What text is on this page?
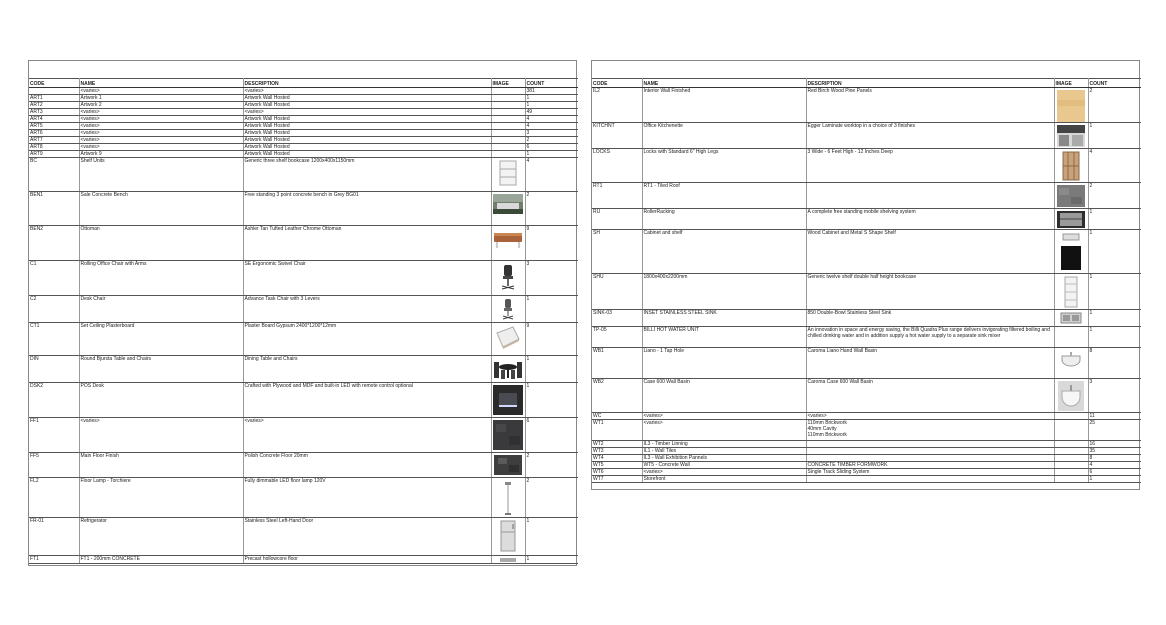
CODE	NAME	DESCRIPTION	IMAGE	COUNT
	<varies>	<varies>		381
ART1	Artwork 1	Artwork Wall Hosted		1
ART2	Artwork 2	Artwork Wall Hosted		1
ART3	<varies>	<varies>		49
ART4	<varies>	Artwork Wall Hosted		4
ART5	<varies>	Artwork Wall Hosted		4
ART6	<varies>	Artwork Wall Hosted		3
ART7	<varies>	Artwork Wall Hosted		2
ART8	<varies>	Artwork Wall Hosted		6
ART9	Artwork 9	Artwork Wall Hosted		1
BC	Shelf Units	Generic three shelf bookcase 1200x400x1150mm		4
BEN1	Sale Concrete Bench	Free standing 3 point concrete bench in Grey BG01		2
BEN2	Ottoman	Ashler Tan Tufted Leather Chrome Ottoman		9
C1	Rolling Office Chair with Arms	SE Ergonomic Swivel Chair		3
C2	Desk Chair	Advance Task Chair with 3 Levers		1
CT1	Set Ceiling Plasterboard	Plaster Board Gypsum 2400*1200*12mm		9
DIN	Round Bjursta Table and Chairs	Dining Table and Chairs		1
DSK2	POS Desk	Crafted with Plywood and MDF and built-in LED with remote control optional		1
FF1	<varies>	<varies>		6
FF5	Main Floor Finish	Polish Concrete Floor 20mm		2
FL2	Floor Lamp - Torchiere	Fully dimmable LED floor lamp 120V		2
FR-01	Refrigerator	Stainless Steel Left-Hand Door		1
FT1	FT1 - 200mm CONCRETE	Precast hollowcore floor		1
CODE	NAME	DESCRIPTION	IMAGE	COUNT
IL2	Interior Wall Finished	Red Birch Wood Pine Panels		2
KITCHNT	Office Kitchenette	Egger Laminate worktop in a choice of 3 finishes		1
LOCKS	Locks with Standard 6" High Legs	3 Wide - 6 Feet High - 12 Inches Deep		4
RT1	RT1 - Tiled Roof			2
RU	RollerRacking	A complete free standing mobile shelving system		1
SH	Cabinet and shelf	Wood Cabinet and Metal S Shape Shelf		1
SHU	1800x400x2200mm	Generic twelve shelf double half height bookcase		1
SINK-03	INSET STAINLESS STEEL SINK	850 Double-Bowl Stainless Steel Sink		1
TP-05	BILLI HOT WATER UNIT	An innovation in space and energy saving, the Billi Quadra Plus range delivers invigorating filtered boiling and chilled drinking water and in addition supply a hot water supply to a separate sink mixer		1
WB1	Liano - 1 Tap Hole	Caroma Liano Hand Wall Basin		8
WB2	Case 600 Wall Basin	Caroma Case 600 Wall Basin		3
WC	<varies>	<varies>		11
WT1	<varies>	110mm Brickwork
40mm Cavity
110mm Brickwork		25
WT2	IL3 - Timber Linning			16
WT3	IL1 - Wall Tiles			35
WT4	IL3 - Wall Exhibition Pannels			8
WT5	WT5 - Concrete Wall	CONCRETE TIMBER FORMWORK		4
WT6	<varies>	Single Track Sliding System		6
WT7	Storefront			1
